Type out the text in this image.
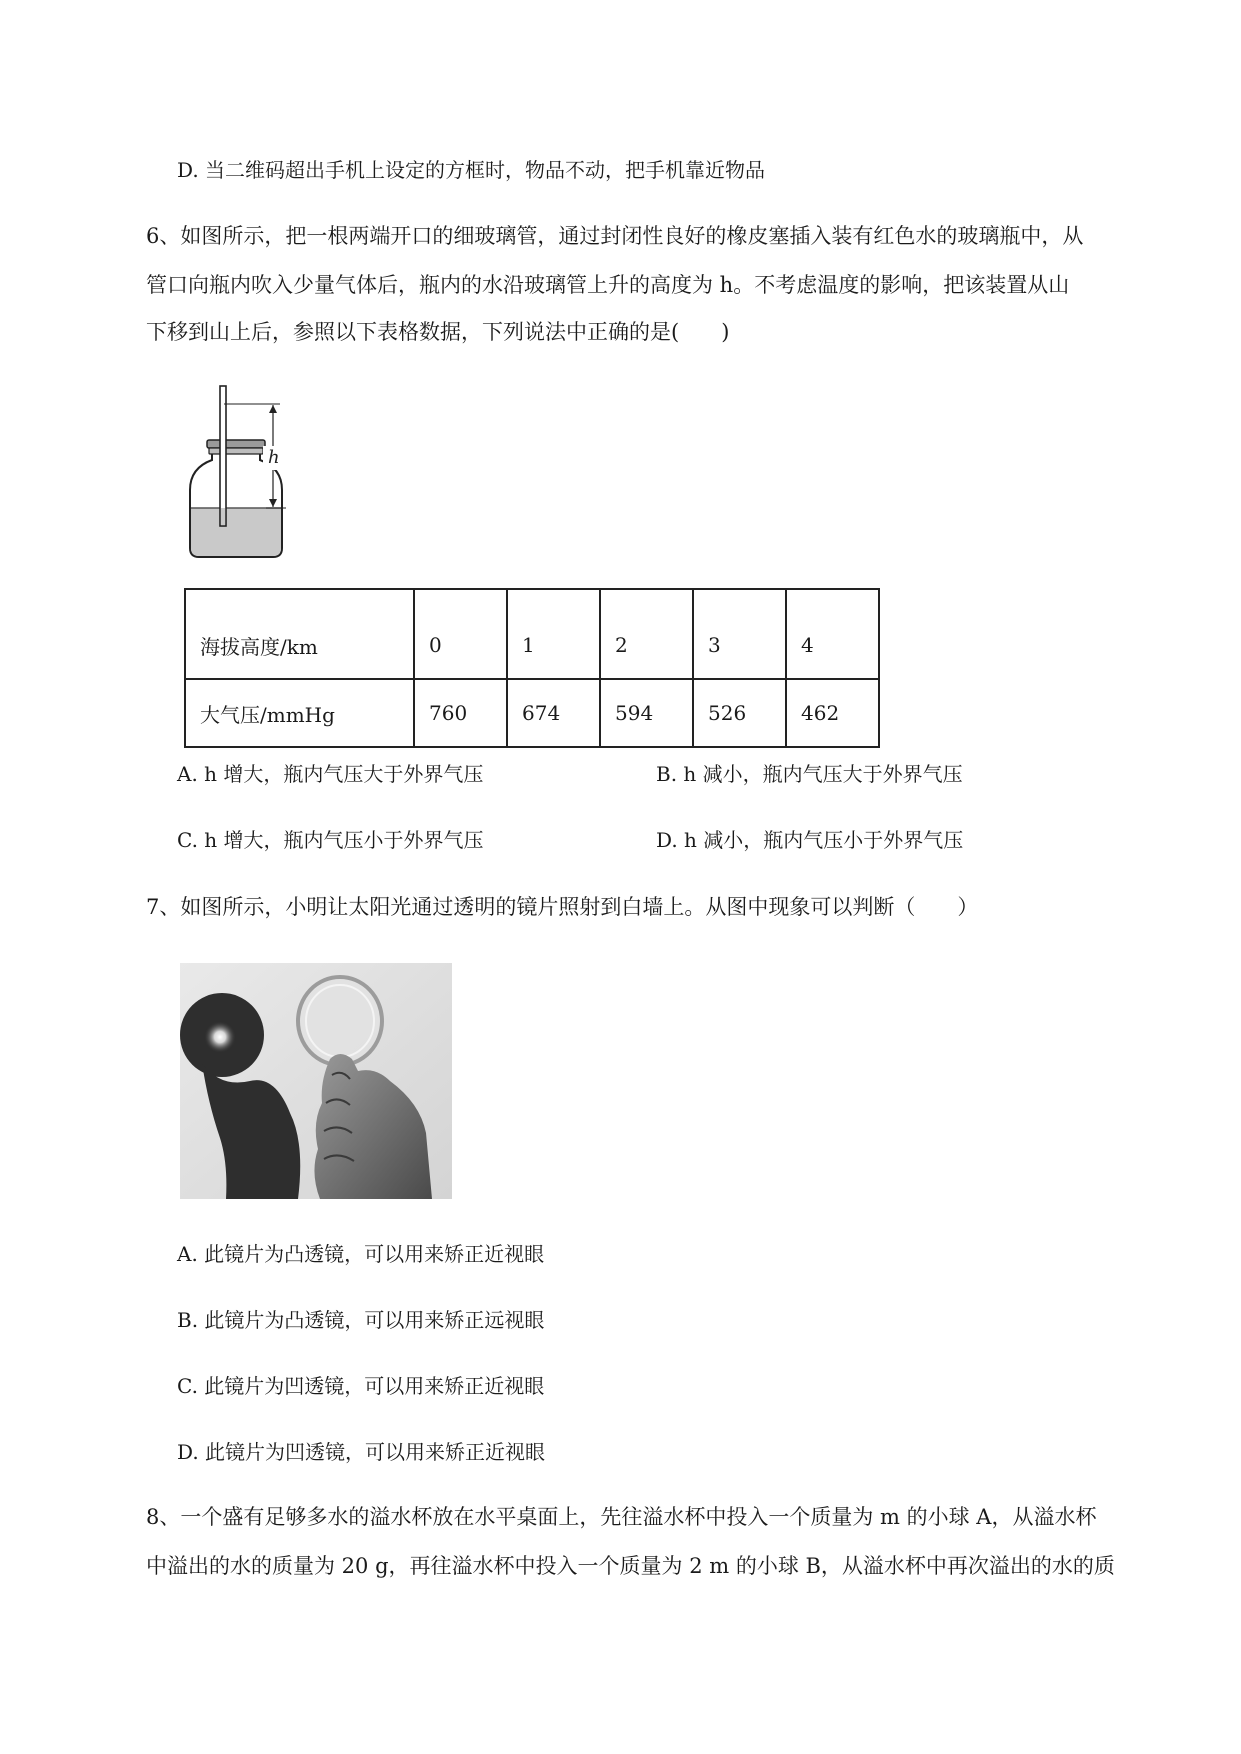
D. 当二维码超出手机上设定的方框时，物品不动，把手机靠近物品
6、如图所示，把一根两端开口的细玻璃管，通过封闭性良好的橡皮塞插入装有红色水的玻璃瓶中，从
管口向瓶内吹入少量气体后，瓶内的水沿玻璃管上升的高度为 h。不考虑温度的影响，把该装置从山
下移到山上后，参照以下表格数据，下列说法中正确的是(　　)
h
海拔高度/km	0	1	2	3	4
大气压/mmHg	760	674	594	526	462
A. h 增大，瓶内气压大于外界气压	B. h 减小，瓶内气压大于外界气压
C. h 增大，瓶内气压小于外界气压	D. h 减小，瓶内气压小于外界气压
7、如图所示，小明让太阳光通过透明的镜片照射到白墙上。从图中现象可以判断（　　）
A. 此镜片为凸透镜，可以用来矫正近视眼
B. 此镜片为凸透镜，可以用来矫正远视眼
C. 此镜片为凹透镜，可以用来矫正近视眼
D. 此镜片为凹透镜，可以用来矫正近视眼
8、一个盛有足够多水的溢水杯放在水平桌面上，先往溢水杯中投入一个质量为 m 的小球 A，从溢水杯
中溢出的水的质量为 20 g，再往溢水杯中投入一个质量为 2 m 的小球 B，从溢水杯中再次溢出的水的质
